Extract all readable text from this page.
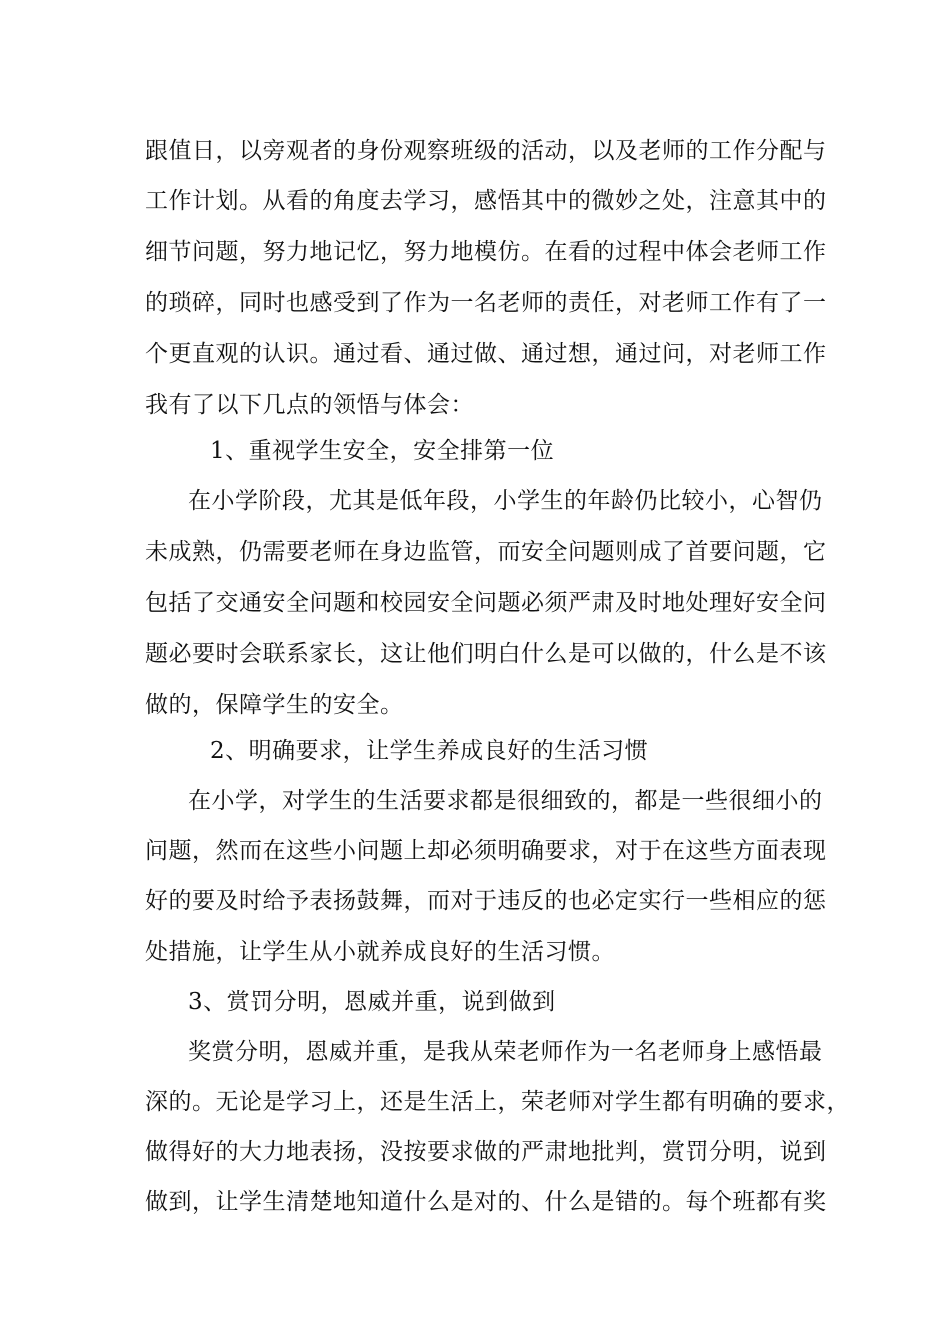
跟值日，以旁观者的身份观察班级的活动，以及老师的工作分配与
工作计划。从看的角度去学习，感悟其中的微妙之处，注意其中的
细节问题，努力地记忆，努力地模仿。在看的过程中体会老师工作
的琐碎，同时也感受到了作为一名老师的责任，对老师工作有了一
个更直观的认识。通过看、通过做、通过想，通过问，对老师工作
我有了以下几点的领悟与体会：
1、重视学生安全，安全排第一位
在小学阶段，尤其是低年段，小学生的年龄仍比较小，心智仍
未成熟，仍需要老师在身边监管，而安全问题则成了首要问题，它
包括了交通安全问题和校园安全问题必须严肃及时地处理好安全问
题必要时会联系家长，这让他们明白什么是可以做的，什么是不该
做的，保障学生的安全。
2、明确要求，让学生养成良好的生活习惯
在小学，对学生的生活要求都是很细致的，都是一些很细小的
问题，然而在这些小问题上却必须明确要求，对于在这些方面表现
好的要及时给予表扬鼓舞，而对于违反的也必定实行一些相应的惩
处措施，让学生从小就养成良好的生活习惯。
3、赏罚分明，恩威并重，说到做到
奖赏分明，恩威并重，是我从荣老师作为一名老师身上感悟最
深的。无论是学习上，还是生活上，荣老师对学生都有明确的要求，
做得好的大力地表扬，没按要求做的严肃地批判，赏罚分明，说到
做到，让学生清楚地知道什么是对的、什么是错的。每个班都有奖
